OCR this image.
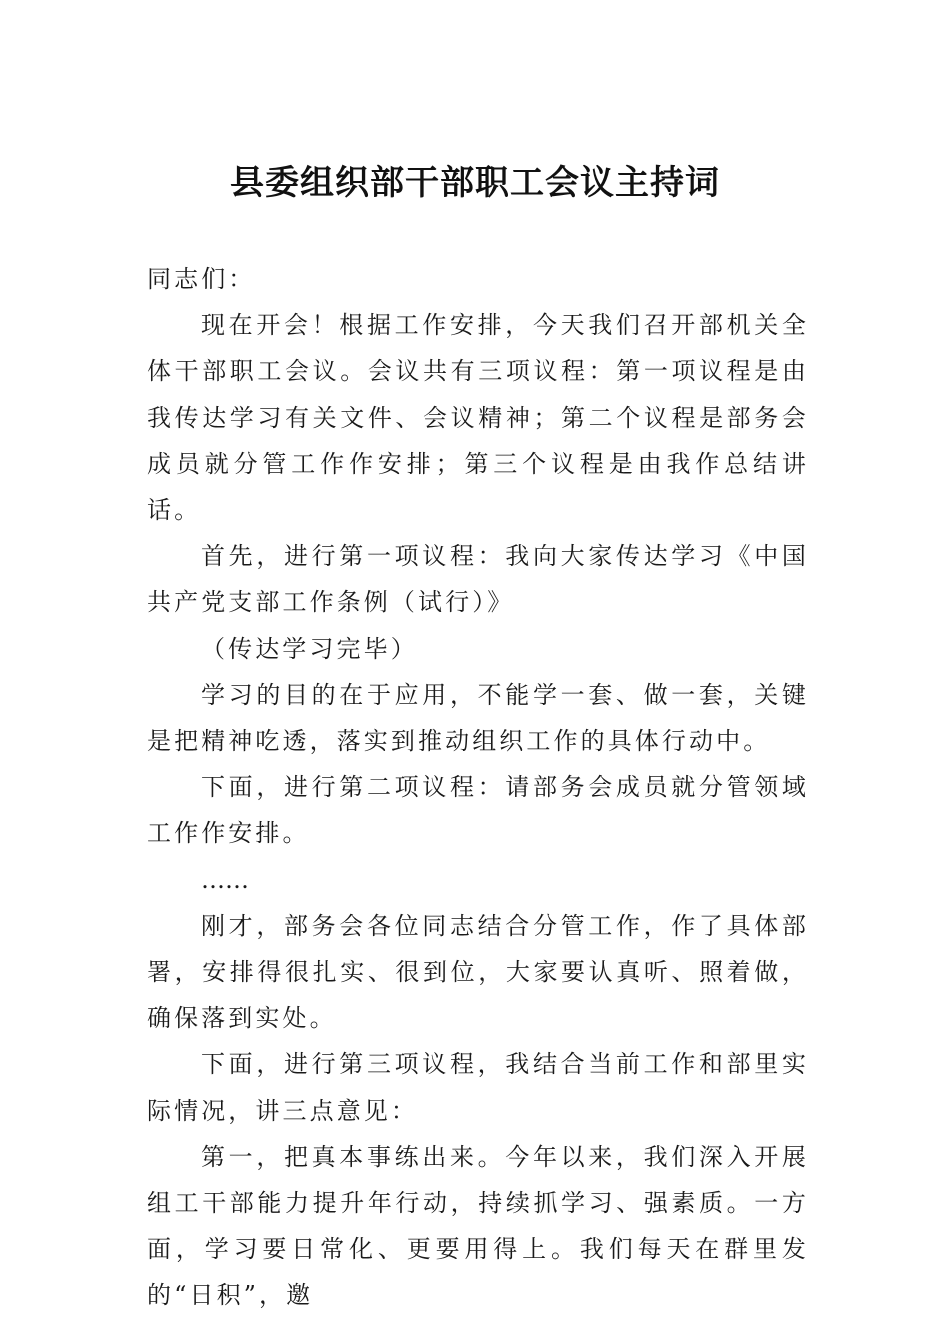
县委组织部干部职工会议主持词

同志们：

现在开会！根据工作安排，今天我们召开部机关全体干部职工会议。会议共有三项议程：第一项议程是由我传达学习有关文件、会议精神；第二个议程是部务会成员就分管工作作安排；第三个议程是由我作总结讲话。

首先，进行第一项议程：我向大家传达学习《中国共产党支部工作条例（试行）》

（传达学习完毕）

学习的目的在于应用，不能学一套、做一套，关键是把精神吃透，落实到推动组织工作的具体行动中。

下面，进行第二项议程：请部务会成员就分管领域工作作安排。

……

刚才，部务会各位同志结合分管工作，作了具体部署，安排得很扎实、很到位，大家要认真听、照着做，确保落到实处。

下面，进行第三项议程，我结合当前工作和部里实际情况，讲三点意见：

第一，把真本事练出来。今年以来，我们深入开展组工干部能力提升年行动，持续抓学习、强素质。一方面，学习要日常化、更要用得上。我们每天在群里发的“日积”，邀
